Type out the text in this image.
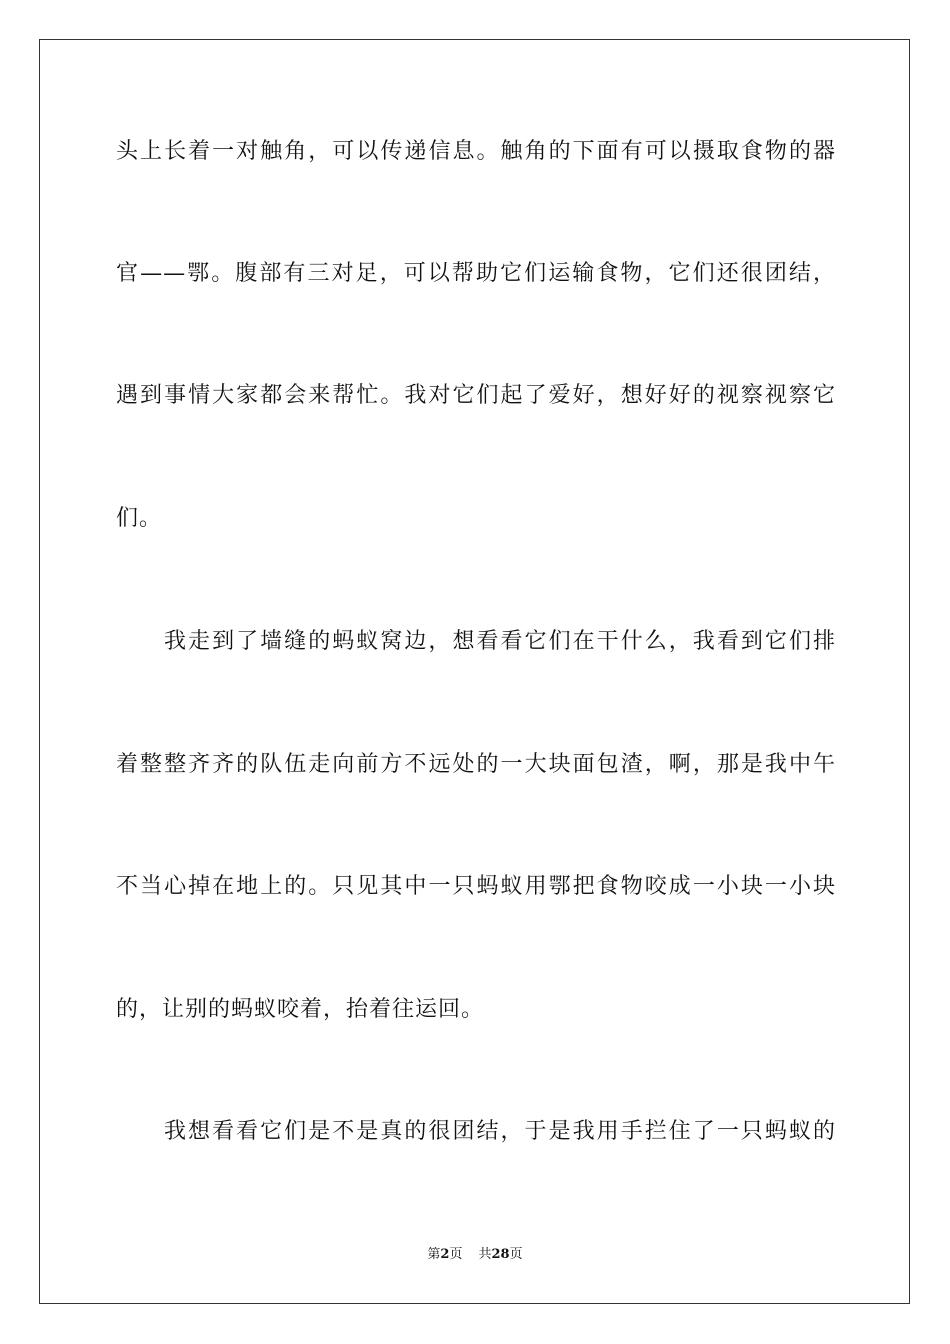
头上长着一对触角，可以传递信息。触角的下面有可以摄取食物的器
官——鄂。腹部有三对足，可以帮助它们运输食物，它们还很团结，
遇到事情大家都会来帮忙。我对它们起了爱好，想好好的视察视察它
们。
我走到了墙缝的蚂蚁窝边，想看看它们在干什么，我看到它们排
着整整齐齐的队伍走向前方不远处的一大块面包渣，啊，那是我中午
不当心掉在地上的。只见其中一只蚂蚁用鄂把食物咬成一小块一小块
的，让别的蚂蚁咬着，抬着往运回。
我想看看它们是不是真的很团结，于是我用手拦住了一只蚂蚁的
第2页 共28页
